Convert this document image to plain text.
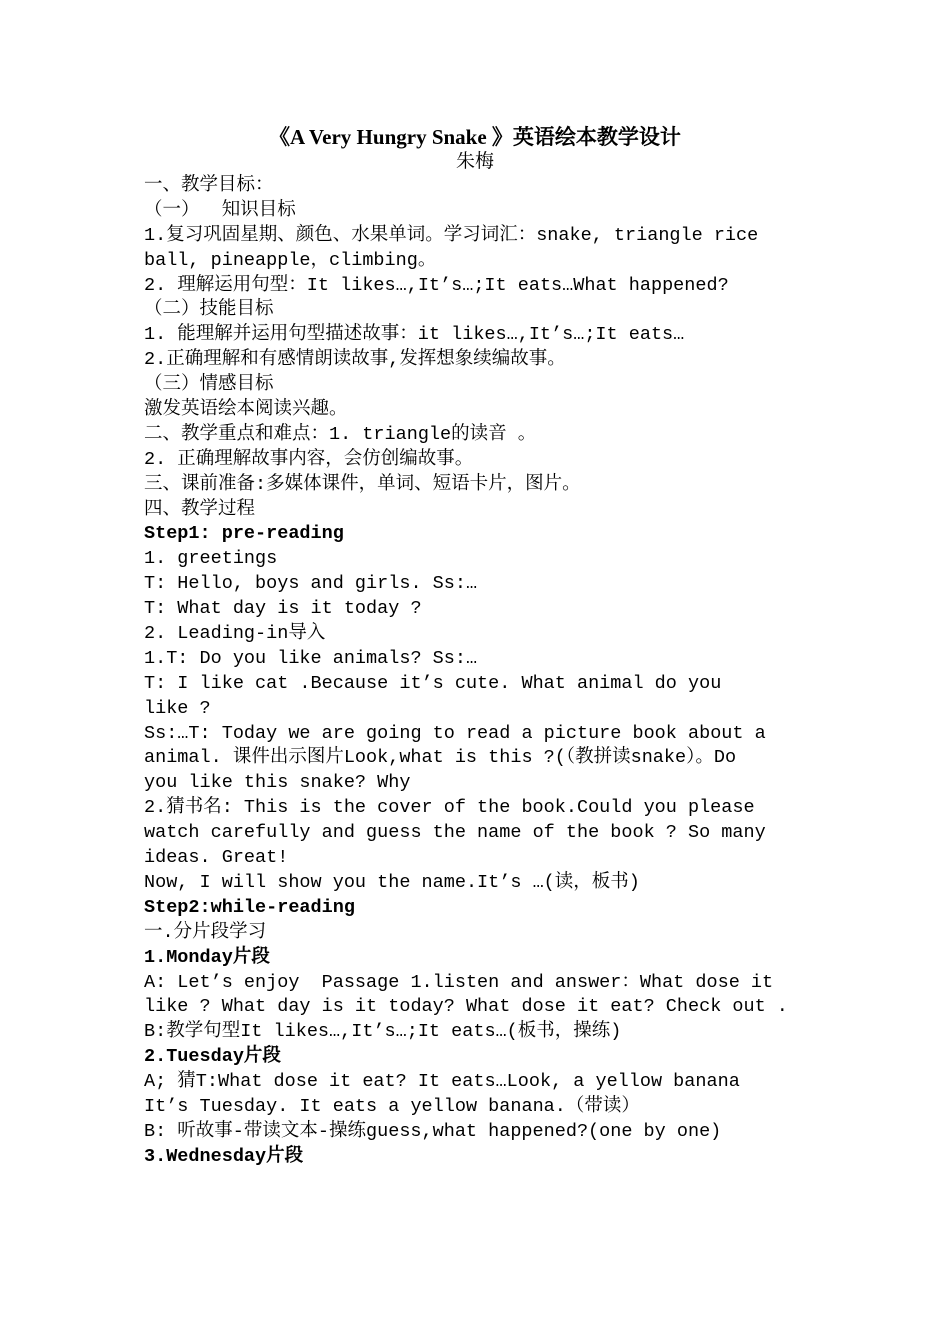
《A Very Hungry Snake 》英语绘本教学设计
朱梅
一、教学目标：
（一）  知识目标
1.复习巩固星期、颜色、水果单词。学习词汇：snake, triangle rice
ball, pineapple，climbing。
2. 理解运用句型：It likes…,It’s…;It eats…What happened?
（二）技能目标
1. 能理解并运用句型描述故事：it likes…,It’s…;It eats…
2.正确理解和有感情朗读故事,发挥想象续编故事。
（三）情感目标
激发英语绘本阅读兴趣。
二、教学重点和难点：1. triangle的读音 。
2. 正确理解故事内容，会仿创编故事。
三、课前准备:多媒体课件，单词、短语卡片，图片。
四、教学过程
Step1: pre-reading
1. greetings
T: Hello, boys and girls. Ss:…
T: What day is it today ?
2. Leading-in导入
1.T: Do you like animals? Ss:…
T: I like cat .Because it’s cute. What animal do you
like ?
Ss:…T: Today we are going to read a picture book about a
animal. 课件出示图片Look,what is this ?(（教拼读snake）。Do
you like this snake? Why
2.猜书名: This is the cover of the book.Could you please
watch carefully and guess the name of the book ? So many
ideas. Great!
Now, I will show you the name.It’s …(读，板书)
Step2:while-reading
一.分片段学习
1.Monday片段
A: Let’s enjoy  Passage 1.listen and answer：What dose it
like ? What day is it today? What dose it eat? Check out .
B:教学句型It likes…,It’s…;It eats…(板书，操练)
2.Tuesday片段
A; 猜T:What dose it eat? It eats…Look, a yellow banana
It’s Tuesday. It eats a yellow banana.（带读）
B: 听故事-带读文本-操练guess,what happened?(one by one)
3.Wednesday片段
